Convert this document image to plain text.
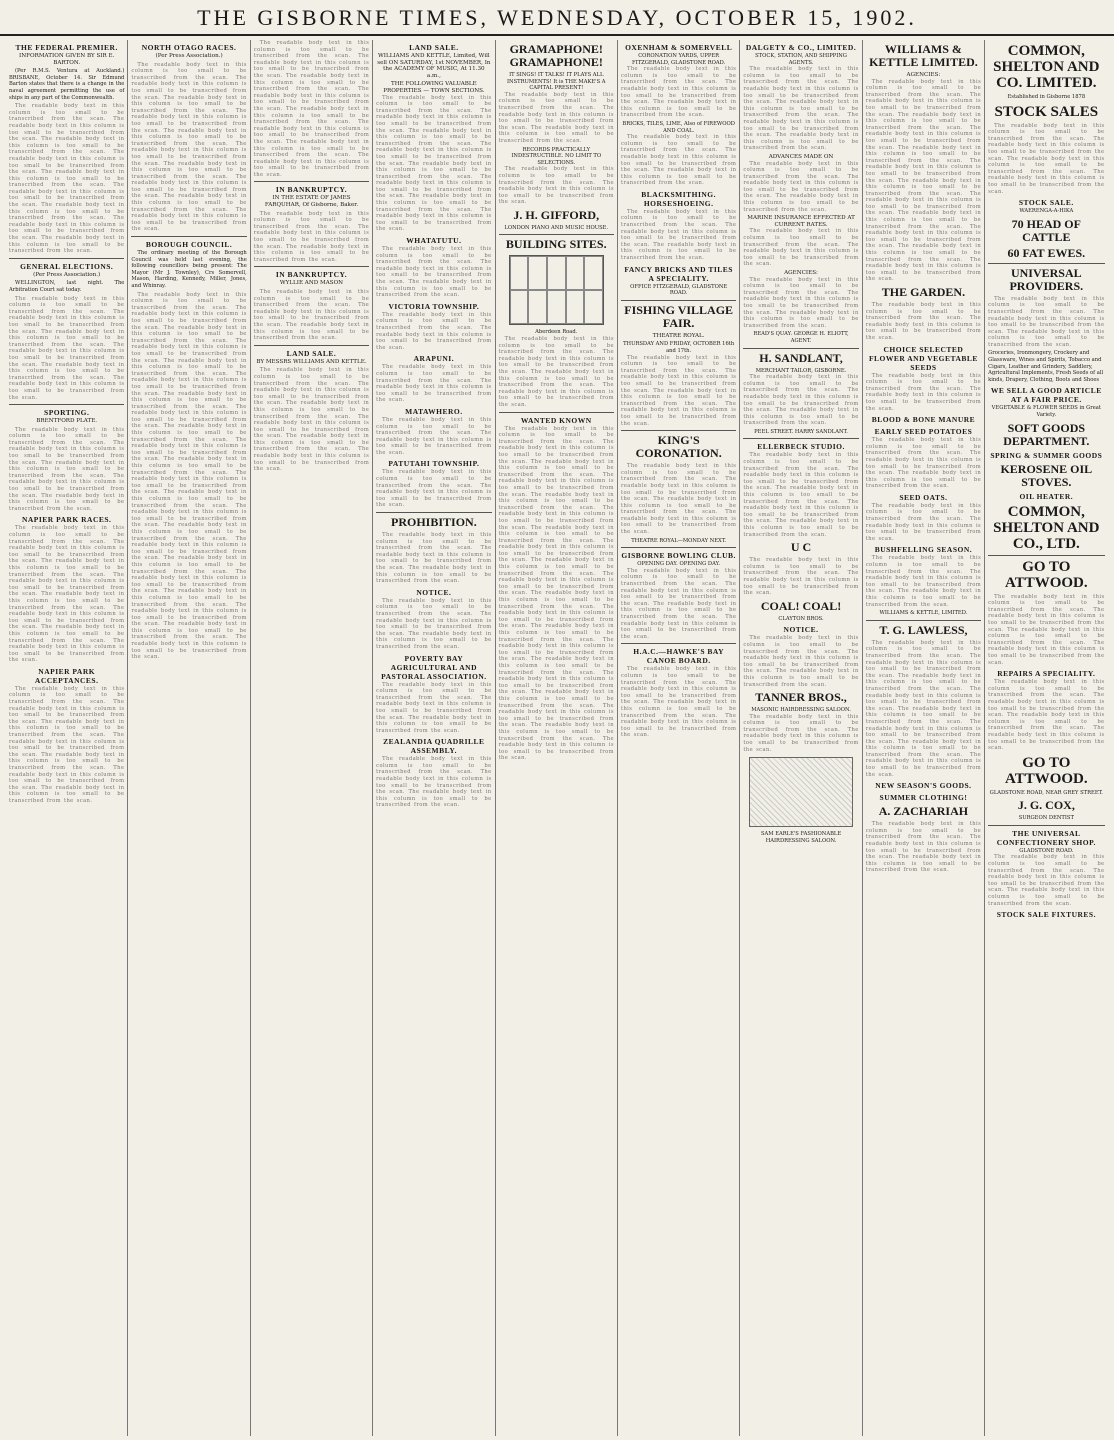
THE GISBORNE TIMES, WEDNESDAY, OCTOBER 15, 1902.
THE FEDERAL PREMIER.
INFORMATION GIVEN BY SIR E. BARTON.
(Per R.M.S. Ventura at Auckland.) BRISBANE, October 14. Sir Edmund Barton states that there is a change in the naval agreement permitting the use of ships in any part of the Commonwealth.
The readable body text in this column is too small to be transcribed from the scan. The readable body text in this column is too small to be transcribed from the scan. The readable body text in this column is too small to be transcribed from the scan. The readable body text in this column is too small to be transcribed from the scan. The readable body text in this column is too small to be transcribed from the scan. The readable body text in this column is too small to be transcribed from the scan. The readable body text in this column is too small to be transcribed from the scan. The readable body text in this column is too small to be transcribed from the scan. The readable body text in this column is too small to be transcribed from the scan.
GENERAL ELECTIONS.
(Per Press Association.)
WELLINGTON, last night. The Arbitration Court sat today.
The readable body text in this column is too small to be transcribed from the scan. The readable body text in this column is too small to be transcribed from the scan. The readable body text in this column is too small to be transcribed from the scan. The readable body text in this column is too small to be transcribed from the scan. The readable body text in this column is too small to be transcribed from the scan. The readable body text in this column is too small to be transcribed from the scan.
SPORTING.
BRENTFORD PLATE.
The readable body text in this column is too small to be transcribed from the scan. The readable body text in this column is too small to be transcribed from the scan. The readable body text in this column is too small to be transcribed from the scan. The readable body text in this column is too small to be transcribed from the scan. The readable body text in this column is too small to be transcribed from the scan.
NAPIER PARK RACES.
The readable body text in this column is too small to be transcribed from the scan. The readable body text in this column is too small to be transcribed from the scan. The readable body text in this column is too small to be transcribed from the scan. The readable body text in this column is too small to be transcribed from the scan. The readable body text in this column is too small to be transcribed from the scan. The readable body text in this column is too small to be transcribed from the scan. The readable body text in this column is too small to be transcribed from the scan. The readable body text in this column is too small to be transcribed from the scan.
NAPIER PARK ACCEPTANCES.
The readable body text in this column is too small to be transcribed from the scan. The readable body text in this column is too small to be transcribed from the scan. The readable body text in this column is too small to be transcribed from the scan. The readable body text in this column is too small to be transcribed from the scan. The readable body text in this column is too small to be transcribed from the scan. The readable body text in this column is too small to be transcribed from the scan. The readable body text in this column is too small to be transcribed from the scan.
NORTH OTAGO RACES.
(Per Press Association.)
The readable body text in this column is too small to be transcribed from the scan. The readable body text in this column is too small to be transcribed from the scan. The readable body text in this column is too small to be transcribed from the scan. The readable body text in this column is too small to be transcribed from the scan. The readable body text in this column is too small to be transcribed from the scan. The readable body text in this column is too small to be transcribed from the scan. The readable body text in this column is too small to be transcribed from the scan. The readable body text in this column is too small to be transcribed from the scan. The readable body text in this column is too small to be transcribed from the scan. The readable body text in this column is too small to be transcribed from the scan.
BOROUGH COUNCIL.
The ordinary meeting of the Borough Council was held last evening, the following councillors being present: The Mayor (Mr J. Townley), Crs Somervell, Mason, Harding, Kennedy, Miller, Jones, and Whinray.
The readable body text in this column is too small to be transcribed from the scan. The readable body text in this column is too small to be transcribed from the scan. The readable body text in this column is too small to be transcribed from the scan. The readable body text in this column is too small to be transcribed from the scan. The readable body text in this column is too small to be transcribed from the scan. The readable body text in this column is too small to be transcribed from the scan. The readable body text in this column is too small to be transcribed from the scan. The readable body text in this column is too small to be transcribed from the scan. The readable body text in this column is too small to be transcribed from the scan. The readable body text in this column is too small to be transcribed from the scan. The readable body text in this column is too small to be transcribed from the scan. The readable body text in this column is too small to be transcribed from the scan. The readable body text in this column is too small to be transcribed from the scan. The readable body text in this column is too small to be transcribed from the scan. The readable body text in this column is too small to be transcribed from the scan. The readable body text in this column is too small to be transcribed from the scan. The readable body text in this column is too small to be transcribed from the scan. The readable body text in this column is too small to be transcribed from the scan. The readable body text in this column is too small to be transcribed from the scan. The readable body text in this column is too small to be transcribed from the scan. The readable body text in this column is too small to be transcribed from the scan. The readable body text in this column is too small to be transcribed from the scan.
The readable body text in this column is too small to be transcribed from the scan. The readable body text in this column is too small to be transcribed from the scan. The readable body text in this column is too small to be transcribed from the scan. The readable body text in this column is too small to be transcribed from the scan. The readable body text in this column is too small to be transcribed from the scan. The readable body text in this column is too small to be transcribed from the scan. The readable body text in this column is too small to be transcribed from the scan. The readable body text in this column is too small to be transcribed from the scan.
IN BANKRUPTCY.
IN THE ESTATE OF JAMES FARQUHAR, Of Gisborne, Baker.
The readable body text in this column is too small to be transcribed from the scan. The readable body text in this column is too small to be transcribed from the scan. The readable body text in this column is too small to be transcribed from the scan.
IN BANKRUPTCY.
WYLLIE AND MASON
The readable body text in this column is too small to be transcribed from the scan. The readable body text in this column is too small to be transcribed from the scan. The readable body text in this column is too small to be transcribed from the scan.
LAND SALE.
BY MESSRS WILLIAMS AND KETTLE.
The readable body text in this column is too small to be transcribed from the scan. The readable body text in this column is too small to be transcribed from the scan. The readable body text in this column is too small to be transcribed from the scan. The readable body text in this column is too small to be transcribed from the scan. The readable body text in this column is too small to be transcribed from the scan. The readable body text in this column is too small to be transcribed from the scan.
LAND SALE.
WILLIAMS AND KETTLE, Limited, Will sell ON SATURDAY, 1st NOVEMBER, In the ACADEMY OF MUSIC, At 11.30 a.m.,
THE FOLLOWING VALUABLE PROPERTIES — TOWN SECTIONS.
The readable body text in this column is too small to be transcribed from the scan. The readable body text in this column is too small to be transcribed from the scan. The readable body text in this column is too small to be transcribed from the scan. The readable body text in this column is too small to be transcribed from the scan. The readable body text in this column is too small to be transcribed from the scan. The readable body text in this column is too small to be transcribed from the scan. The readable body text in this column is too small to be transcribed from the scan. The readable body text in this column is too small to be transcribed from the scan.
WHATATUTU.
The readable body text in this column is too small to be transcribed from the scan. The readable body text in this column is too small to be transcribed from the scan. The readable body text in this column is too small to be transcribed from the scan.
VICTORIA TOWNSHIP.
The readable body text in this column is too small to be transcribed from the scan. The readable body text in this column is too small to be transcribed from the scan.
ARAPUNI.
The readable body text in this column is too small to be transcribed from the scan. The readable body text in this column is too small to be transcribed from the scan.
MATAWHERO.
The readable body text in this column is too small to be transcribed from the scan. The readable body text in this column is too small to be transcribed from the scan.
PATUTAHI TOWNSHIP.
The readable body text in this column is too small to be transcribed from the scan. The readable body text in this column is too small to be transcribed from the scan.
PROHIBITION.
The readable body text in this column is too small to be transcribed from the scan. The readable body text in this column is too small to be transcribed from the scan. The readable body text in this column is too small to be transcribed from the scan.
NOTICE.
The readable body text in this column is too small to be transcribed from the scan. The readable body text in this column is too small to be transcribed from the scan. The readable body text in this column is too small to be transcribed from the scan.
POVERTY BAY AGRICULTURAL AND PASTORAL ASSOCIATION.
The readable body text in this column is too small to be transcribed from the scan. The readable body text in this column is too small to be transcribed from the scan. The readable body text in this column is too small to be transcribed from the scan.
ZEALANDIA QUADRILLE ASSEMBLY.
The readable body text in this column is too small to be transcribed from the scan. The readable body text in this column is too small to be transcribed from the scan. The readable body text in this column is too small to be transcribed from the scan.
GRAMAPHONE! GRAMAPHONE!
IT SINGS! IT TALKS! IT PLAYS ALL INSTRUMENTS! It is THE MAKE'S A CAPITAL PRESENT!
The readable body text in this column is too small to be transcribed from the scan. The readable body text in this column is too small to be transcribed from the scan. The readable body text in this column is too small to be transcribed from the scan.
RECORDS PRACTICALLY INDESTRUCTIBLE. NO LIMIT TO SELECTIONS.
The readable body text in this column is too small to be transcribed from the scan. The readable body text in this column is too small to be transcribed from the scan.
J. H. GIFFORD,
LONDON PIANO AND MUSIC HOUSE.
BUILDING SITES.
Aberdeen Road.
The readable body text in this column is too small to be transcribed from the scan. The readable body text in this column is too small to be transcribed from the scan. The readable body text in this column is too small to be transcribed from the scan. The readable body text in this column is too small to be transcribed from the scan.
WANTED KNOWN
The readable body text in this column is too small to be transcribed from the scan. The readable body text in this column is too small to be transcribed from the scan. The readable body text in this column is too small to be transcribed from the scan. The readable body text in this column is too small to be transcribed from the scan. The readable body text in this column is too small to be transcribed from the scan. The readable body text in this column is too small to be transcribed from the scan. The readable body text in this column is too small to be transcribed from the scan. The readable body text in this column is too small to be transcribed from the scan. The readable body text in this column is too small to be transcribed from the scan. The readable body text in this column is too small to be transcribed from the scan. The readable body text in this column is too small to be transcribed from the scan. The readable body text in this column is too small to be transcribed from the scan. The readable body text in this column is too small to be transcribed from the scan. The readable body text in this column is too small to be transcribed from the scan. The readable body text in this column is too small to be transcribed from the scan. The readable body text in this column is too small to be transcribed from the scan. The readable body text in this column is too small to be transcribed from the scan. The readable body text in this column is too small to be transcribed from the scan. The readable body text in this column is too small to be transcribed from the scan. The readable body text in this column is too small to be transcribed from the scan.
OXENHAM & SOMERVELL
CORONATION YARDS, UPPER FITZGERALD, GLADSTONE ROAD.
The readable body text in this column is too small to be transcribed from the scan. The readable body text in this column is too small to be transcribed from the scan. The readable body text in this column is too small to be transcribed from the scan.
BRICKS, TILES, LIME, Also of FIREWOOD AND COAL.
The readable body text in this column is too small to be transcribed from the scan. The readable body text in this column is too small to be transcribed from the scan. The readable body text in this column is too small to be transcribed from the scan.
BLACKSMITHING. HORSESHOEING.
The readable body text in this column is too small to be transcribed from the scan. The readable body text in this column is too small to be transcribed from the scan. The readable body text in this column is too small to be transcribed from the scan.
FANCY BRICKS AND TILES A SPECIALITY.
OFFICE FITZGERALD, GLADSTONE ROAD.
FISHING VILLAGE FAIR.
THEATRE ROYAL.
THURSDAY AND FRIDAY, OCTOBER 16th and 17th.
The readable body text in this column is too small to be transcribed from the scan. The readable body text in this column is too small to be transcribed from the scan. The readable body text in this column is too small to be transcribed from the scan. The readable body text in this column is too small to be transcribed from the scan.
KING'S CORONATION.
The readable body text in this column is too small to be transcribed from the scan. The readable body text in this column is too small to be transcribed from the scan. The readable body text in this column is too small to be transcribed from the scan. The readable body text in this column is too small to be transcribed from the scan.
THEATRE ROYAL—MONDAY NEXT.
GISBORNE BOWLING CLUB.
OPENING DAY. OPENING DAY.
The readable body text in this column is too small to be transcribed from the scan. The readable body text in this column is too small to be transcribed from the scan. The readable body text in this column is too small to be transcribed from the scan. The readable body text in this column is too small to be transcribed from the scan.
H.A.C.—HAWKE'S BAY CANOE BOARD.
The readable body text in this column is too small to be transcribed from the scan. The readable body text in this column is too small to be transcribed from the scan. The readable body text in this column is too small to be transcribed from the scan. The readable body text in this column is too small to be transcribed from the scan.
DALGETY & CO., LIMITED.
STOCK, STATION, AND SHIPPING AGENTS.
The readable body text in this column is too small to be transcribed from the scan. The readable body text in this column is too small to be transcribed from the scan. The readable body text in this column is too small to be transcribed from the scan. The readable body text in this column is too small to be transcribed from the scan. The readable body text in this column is too small to be transcribed from the scan.
ADVANCES MADE ON
The readable body text in this column is too small to be transcribed from the scan. The readable body text in this column is too small to be transcribed from the scan. The readable body text in this column is too small to be transcribed from the scan.
MARINE INSURANCE EFFECTED AT CURRENT RATES.
The readable body text in this column is too small to be transcribed from the scan. The readable body text in this column is too small to be transcribed from the scan.
AGENCIES:
The readable body text in this column is too small to be transcribed from the scan. The readable body text in this column is too small to be transcribed from the scan. The readable body text in this column is too small to be transcribed from the scan.
READ'S QUAY. GEORGE H. ELIOTT, AGENT.
H. SANDLANT,
MERCHANT TAILOR, GISBORNE.
The readable body text in this column is too small to be transcribed from the scan. The readable body text in this column is too small to be transcribed from the scan. The readable body text in this column is too small to be transcribed from the scan.
PEEL STREET. HARRY SANDLANT.
ELLERBECK STUDIO.
The readable body text in this column is too small to be transcribed from the scan. The readable body text in this column is too small to be transcribed from the scan. The readable body text in this column is too small to be transcribed from the scan. The readable body text in this column is too small to be transcribed from the scan. The readable body text in this column is too small to be transcribed from the scan.
U C
The readable body text in this column is too small to be transcribed from the scan. The readable body text in this column is too small to be transcribed from the scan.
COAL! COAL!
CLAYTON BROS.
NOTICE.
The readable body text in this column is too small to be transcribed from the scan. The readable body text in this column is too small to be transcribed from the scan. The readable body text in this column is too small to be transcribed from the scan.
TANNER BROS.,
MASONIC HAIRDRESSING SALOON.
The readable body text in this column is too small to be transcribed from the scan. The readable body text in this column is too small to be transcribed from the scan.
SAM EARLE'S FASHIONABLE HAIRDRESSING SALOON.
WILLIAMS & KETTLE LIMITED.
AGENCIES:
The readable body text in this column is too small to be transcribed from the scan. The readable body text in this column is too small to be transcribed from the scan. The readable body text in this column is too small to be transcribed from the scan. The readable body text in this column is too small to be transcribed from the scan. The readable body text in this column is too small to be transcribed from the scan. The readable body text in this column is too small to be transcribed from the scan. The readable body text in this column is too small to be transcribed from the scan. The readable body text in this column is too small to be transcribed from the scan. The readable body text in this column is too small to be transcribed from the scan. The readable body text in this column is too small to be transcribed from the scan. The readable body text in this column is too small to be transcribed from the scan. The readable body text in this column is too small to be transcribed from the scan.
THE GARDEN.
The readable body text in this column is too small to be transcribed from the scan. The readable body text in this column is too small to be transcribed from the scan.
CHOICE SELECTED FLOWER AND VEGETABLE SEEDS
The readable body text in this column is too small to be transcribed from the scan. The readable body text in this column is too small to be transcribed from the scan.
BLOOD & BONE MANURE
EARLY SEED POTATOES
The readable body text in this column is too small to be transcribed from the scan. The readable body text in this column is too small to be transcribed from the scan. The readable body text in this column is too small to be transcribed from the scan.
SEED OATS.
The readable body text in this column is too small to be transcribed from the scan. The readable body text in this column is too small to be transcribed from the scan.
BUSHFELLING SEASON.
The readable body text in this column is too small to be transcribed from the scan. The readable body text in this column is too small to be transcribed from the scan. The readable body text in this column is too small to be transcribed from the scan.
WILLIAMS & KETTLE, LIMITED.
T. G. LAWLESS,
The readable body text in this column is too small to be transcribed from the scan. The readable body text in this column is too small to be transcribed from the scan. The readable body text in this column is too small to be transcribed from the scan. The readable body text in this column is too small to be transcribed from the scan. The readable body text in this column is too small to be transcribed from the scan. The readable body text in this column is too small to be transcribed from the scan. The readable body text in this column is too small to be transcribed from the scan. The readable body text in this column is too small to be transcribed from the scan.
NEW SEASON'S GOODS.
SUMMER CLOTHING!
A. ZACHARIAH
The readable body text in this column is too small to be transcribed from the scan. The readable body text in this column is too small to be transcribed from the scan. The readable body text in this column is too small to be transcribed from the scan.
COMMON, SHELTON AND CO. LIMITED.
Established in Gisborne 1878
STOCK SALES
The readable body text in this column is too small to be transcribed from the scan. The readable body text in this column is too small to be transcribed from the scan. The readable body text in this column is too small to be transcribed from the scan. The readable body text in this column is too small to be transcribed from the scan.
STOCK SALE.
WAERENGA-A-HIKA
70 HEAD OF CATTLE
60 FAT EWES.
UNIVERSAL PROVIDERS.
The readable body text in this column is too small to be transcribed from the scan. The readable body text in this column is too small to be transcribed from the scan. The readable body text in this column is too small to be transcribed from the scan.
Groceries, Ironmongery, Crockery and Glassware, Wines and Spirits, Tobacco and Cigars, Leather and Grindery, Saddlery, Agricultural Implements, Fresh Seeds of all kinds, Drapery, Clothing, Boots and Shoes
WE SELL A GOOD ARTICLE AT A FAIR PRICE.
VEGETABLE & FLOWER SEEDS in Great Variety.
SOFT GOODS DEPARTMENT.
SPRING & SUMMER GOODS
KEROSENE OIL STOVES.
OIL HEATER.
COMMON, SHELTON AND CO., LTD.
GO TO ATTWOOD.
The readable body text in this column is too small to be transcribed from the scan. The readable body text in this column is too small to be transcribed from the scan. The readable body text in this column is too small to be transcribed from the scan. The readable body text in this column is too small to be transcribed from the scan.
REPAIRS A SPECIALITY.
The readable body text in this column is too small to be transcribed from the scan. The readable body text in this column is too small to be transcribed from the scan. The readable body text in this column is too small to be transcribed from the scan. The readable body text in this column is too small to be transcribed from the scan.
GO TO ATTWOOD.
GLADSTONE ROAD, NEAR GREY STREET.
J. G. COX,
SURGEON DENTIST
THE UNIVERSAL CONFECTIONERY SHOP.
GLADSTONE ROAD.
The readable body text in this column is too small to be transcribed from the scan. The readable body text in this column is too small to be transcribed from the scan. The readable body text in this column is too small to be transcribed from the scan.
STOCK SALE FIXTURES.
